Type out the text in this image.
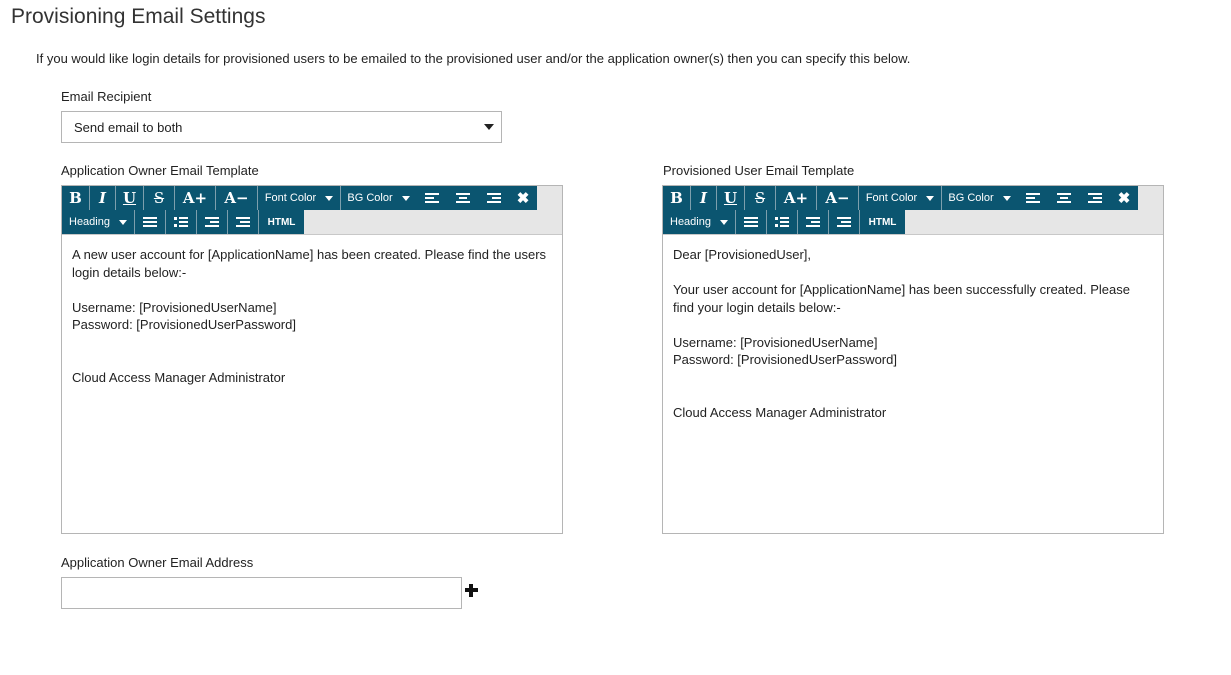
Provisioning Email Settings
If you would like login details for provisioned users to be emailed to the provisioned user and/or the application owner(s) then you can specify this below.
Email Recipient
Send email to both
Application Owner Email Template
B I U S A+ A− Font Color	BG Color	✖
Heading	HTML

A new user account for [ApplicationName] has been created. Please find the users login details below:-

Username: [ProvisionedUserName]

Password: [ProvisionedUserPassword]

Cloud Access Manager Administrator

Provisioned User Email Template
B I U S A+ A− Font Color	BG Color	✖
Heading	HTML

Dear [ProvisionedUser],

Your user account for [ApplicationName] has been successfully created. Please find your login details below:-

Username: [ProvisionedUserName]

Password: [ProvisionedUserPassword]

Cloud Access Manager Administrator

Application Owner Email Address
